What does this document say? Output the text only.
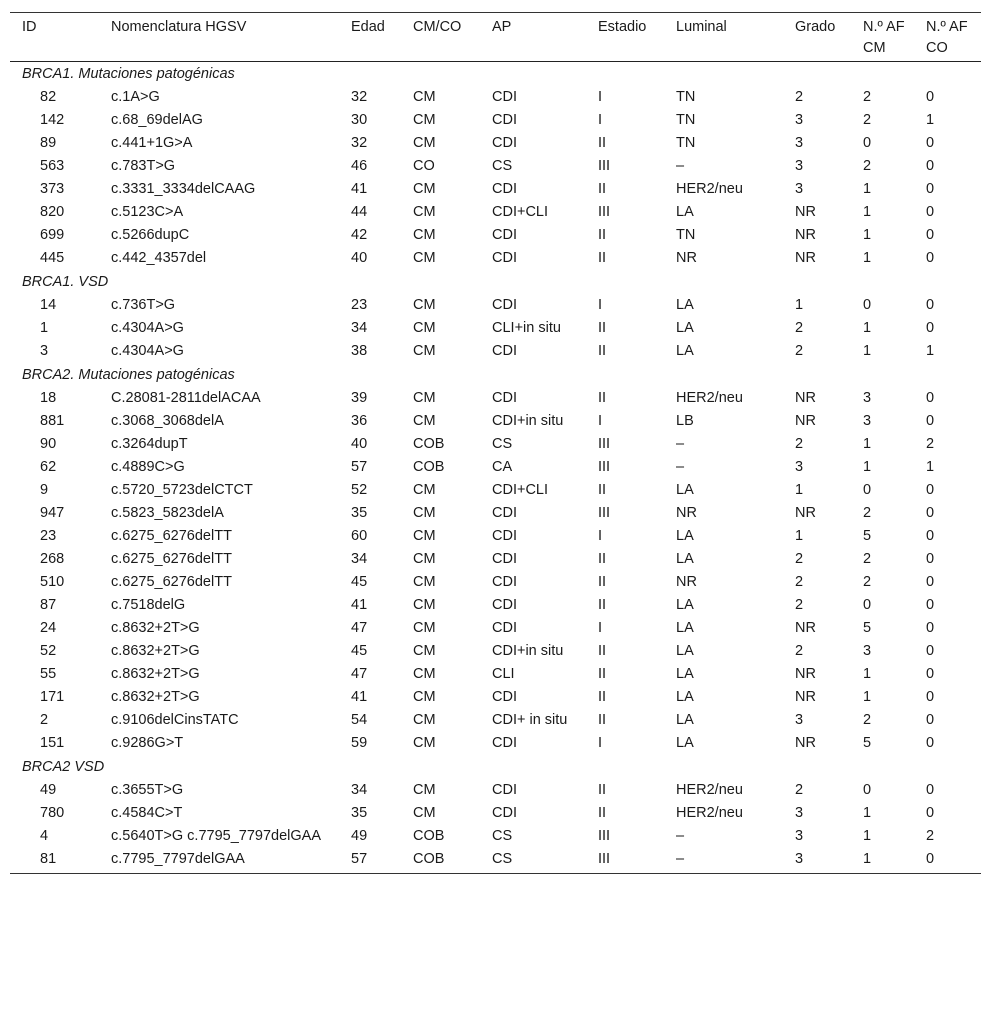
ID	Nomenclatura HGSV	Edad	CM/CO	AP	Estadio	Luminal	Grado	N.º AF CM	N.º AF CO
BRCA1. Mutaciones patogénicas									
82	c.1A>G	32	CM	CDI	I	TN	2	2	0
142	c.68_69delAG	30	CM	CDI	I	TN	3	2	1
89	c.441+1G>A	32	CM	CDI	II	TN	3	0	0
563	c.783T>G	46	CO	CS	III	–	3	2	0
373	c.3331_3334delCAAG	41	CM	CDI	II	HER2/neu	3	1	0
820	c.5123C>A	44	CM	CDI+CLI	III	LA	NR	1	0
699	c.5266dupC	42	CM	CDI	II	TN	NR	1	0
445	c.442_4357del	40	CM	CDI	II	NR	NR	1	0
BRCA1. VSD									
14	c.736T>G	23	CM	CDI	I	LA	1	0	0
1	c.4304A>G	34	CM	CLI+in situ	II	LA	2	1	0
3	c.4304A>G	38	CM	CDI	II	LA	2	1	1
BRCA2. Mutaciones patogénicas									
18	C.28081-2811delACAA	39	CM	CDI	II	HER2/neu	NR	3	0
881	c.3068_3068delA	36	CM	CDI+in situ	I	LB	NR	3	0
90	c.3264dupT	40	COB	CS	III	–	2	1	2
62	c.4889C>G	57	COB	CA	III	–	3	1	1
9	c.5720_5723delCTCT	52	CM	CDI+CLI	II	LA	1	0	0
947	c.5823_5823delA	35	CM	CDI	III	NR	NR	2	0
23	c.6275_6276delTT	60	CM	CDI	I	LA	1	5	0
268	c.6275_6276delTT	34	CM	CDI	II	LA	2	2	0
510	c.6275_6276delTT	45	CM	CDI	II	NR	2	2	0
87	c.7518delG	41	CM	CDI	II	LA	2	0	0
24	c.8632+2T>G	47	CM	CDI	I	LA	NR	5	0
52	c.8632+2T>G	45	CM	CDI+in situ	II	LA	2	3	0
55	c.8632+2T>G	47	CM	CLI	II	LA	NR	1	0
171	c.8632+2T>G	41	CM	CDI	II	LA	NR	1	0
2	c.9106delCinsTATC	54	CM	CDI+ in situ	II	LA	3	2	0
151	c.9286G>T	59	CM	CDI	I	LA	NR	5	0
BRCA2 VSD									
49	c.3655T>G	34	CM	CDI	II	HER2/neu	2	0	0
780	c.4584C>T	35	CM	CDI	II	HER2/neu	3	1	0
4	c.5640T>G c.7795_7797delGAA	49	COB	CS	III	–	3	1	2
81	c.7795_7797delGAA	57	COB	CS	III	–	3	1	0
